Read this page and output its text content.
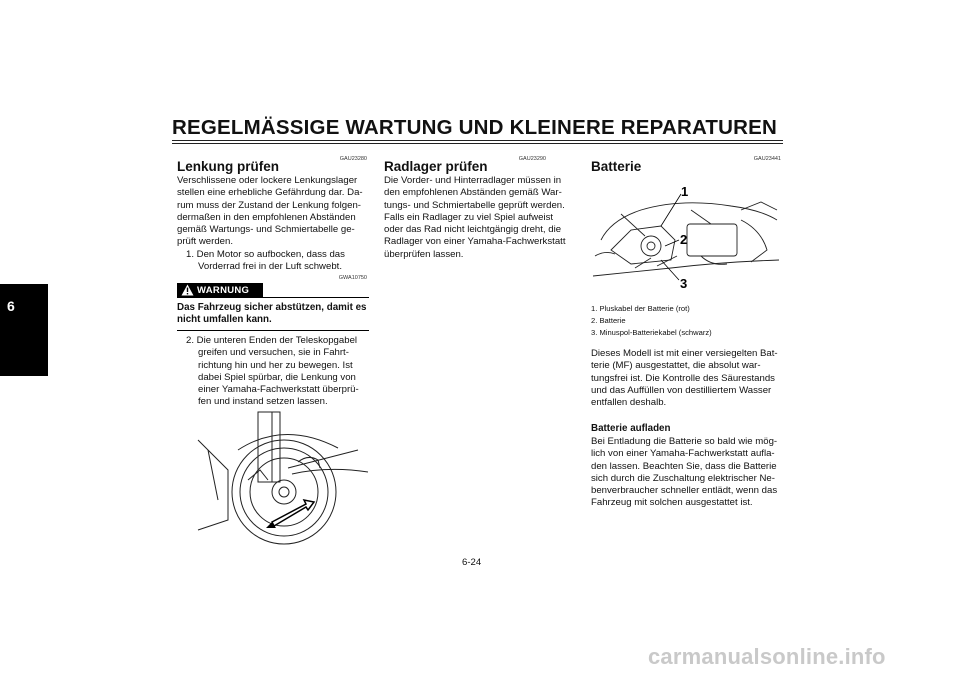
REGELMÄSSIGE WARTUNG UND KLEINERE REPARATUREN
6
GAU23280
Lenkung prüfen
Verschlissene oder lockere Lenkungslager
stellen eine erhebliche Gefährdung dar. Da-
rum muss der Zustand der Lenkung folgen-
dermaßen in den empfohlenen Abständen
gemäß Wartungs- und Schmiertabelle ge-
prüft werden.
1. Den Motor so aufbocken, dass das
Vorderrad frei in der Luft schwebt.
GWA10750
WARNUNG
Das Fahrzeug sicher abstützen, damit es
nicht umfallen kann.
2. Die unteren Enden der Teleskopgabel
greifen und versuchen, sie in Fahrt-
richtung hin und her zu bewegen. Ist
dabei Spiel spürbar, die Lenkung von
einer Yamaha-Fachwerkstatt überprü-
fen und instand setzen lassen.
GAU23290
Radlager prüfen
Die Vorder- und Hinterradlager müssen in
den empfohlenen Abständen gemäß War-
tungs- und Schmiertabelle geprüft werden.
Falls ein Radlager zu viel Spiel aufweist
oder das Rad nicht leichtgängig dreht, die
Radlager von einer Yamaha-Fachwerkstatt
überprüfen lassen.
GAU23441
Batterie
1
2
3
1. Pluskabel der Batterie (rot)
2. Batterie
3. Minuspol-Batteriekabel (schwarz)
Dieses Modell ist mit einer versiegelten Bat-
terie (MF) ausgestattet, die absolut war-
tungsfrei ist. Die Kontrolle des Säurestands
und das Auffüllen von destilliertem Wasser
entfallen deshalb.
Batterie aufladen
Bei Entladung die Batterie so bald wie mög-
lich von einer Yamaha-Fachwerkstatt aufla-
den lassen. Beachten Sie, dass die Batterie
sich durch die Zuschaltung elektrischer Ne-
benverbraucher schneller entlädt, wenn das
Fahrzeug mit solchen ausgestattet ist.
6-24
carmanualsonline.info
